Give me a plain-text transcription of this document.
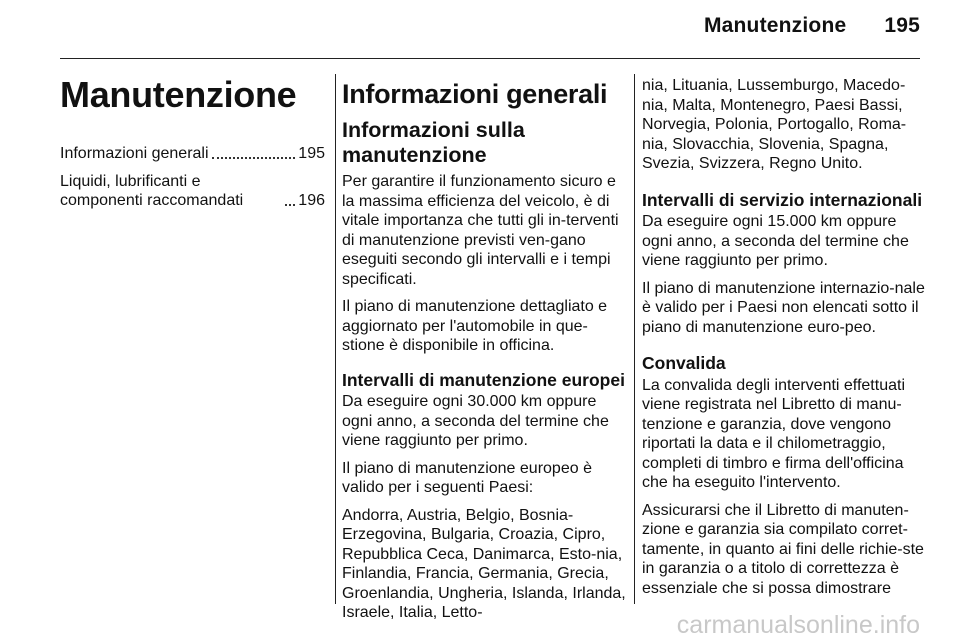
Manutenzione 195
Manutenzione
Informazioni generali	195
Liquidi, lubrificanti e componenti raccomandati	196
Informazioni generali
Informazioni sulla manutenzione

Per garantire il funzionamento sicuro e la massima efficienza del veicolo, è di vitale importanza che tutti gli in-terventi di manutenzione previsti ven-gano eseguiti secondo gli intervalli e i tempi specificati.

Il piano di manutenzione dettagliato e aggiornato per l'automobile in que-stione è disponibile in officina.

Intervalli di manutenzione europei

Da eseguire ogni 30.000 km oppure ogni anno, a seconda del termine che viene raggiunto per primo.

Il piano di manutenzione europeo è valido per i seguenti Paesi:

Andorra, Austria, Belgio, Bosnia-Erzegovina, Bulgaria, Croazia, Cipro, Repubblica Ceca, Danimarca, Esto-nia, Finlandia, Francia, Germania, Grecia, Groenlandia, Ungheria, Islanda, Irlanda, Israele, Italia, Letto-

nia, Lituania, Lussemburgo, Macedo-nia, Malta, Montenegro, Paesi Bassi, Norvegia, Polonia, Portogallo, Roma-nia, Slovacchia, Slovenia, Spagna, Svezia, Svizzera, Regno Unito.

Intervalli di servizio internazionali

Da eseguire ogni 15.000 km oppure ogni anno, a seconda del termine che viene raggiunto per primo.

Il piano di manutenzione internazio-nale è valido per i Paesi non elencati sotto il piano di manutenzione euro-peo.

Convalida

La convalida degli interventi effettuati viene registrata nel Libretto di manu-tenzione e garanzia, dove vengono riportati la data e il chilometraggio, completi di timbro e firma dell'officina che ha eseguito l'intervento.

Assicurarsi che il Libretto di manuten-zione e garanzia sia compilato corret-tamente, in quanto ai fini delle richie-ste in garanzia o a titolo di correttezza è essenziale che si possa dimostrare

carmanualsonline.info
